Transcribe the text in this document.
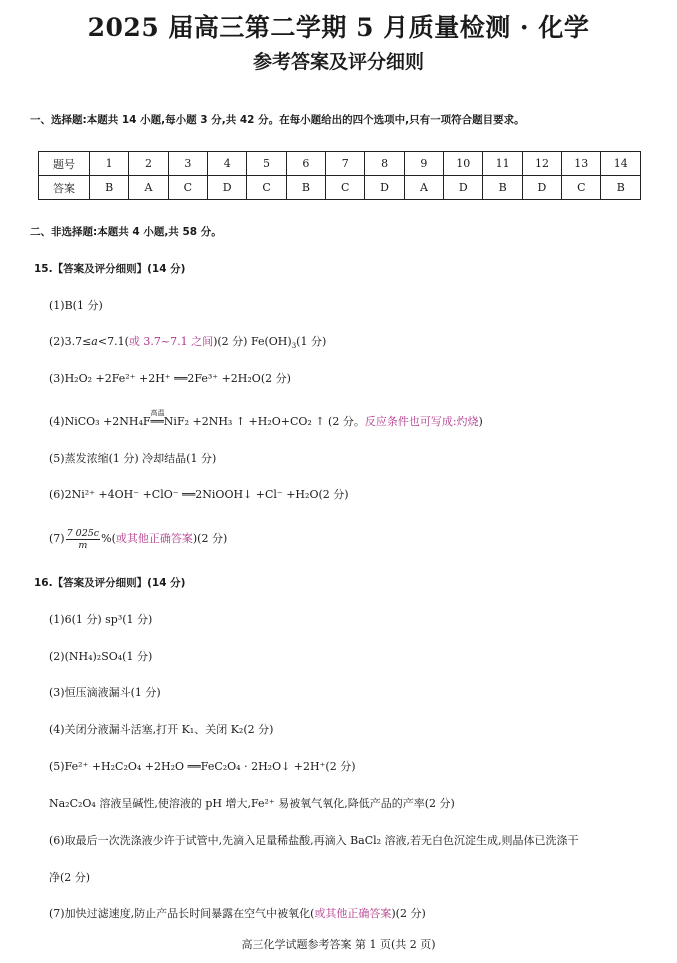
2025 届高三第二学期 5 月质量检测 · 化学
参考答案及评分细则
一、选择题:本题共 14 小题,每小题 3 分,共 42 分。在每小题给出的四个选项中,只有一项符合题目要求。
题号	1	2	3	4	5	6	7	8	9	10	11	12	13	14
答案	B	A	C	D	C	B	C	D	A	D	B	D	C	B
二、非选择题:本题共 4 小题,共 58 分。
15.【答案及评分细则】(14 分)
(1)B(1 分)
(2)3.7≤a<7.1(或 3.7~7.1 之间)(2 分) $Fe(OH)_3(1$ 分)
(3)H₂O₂ +2Fe²⁺ +2H⁺ ══2Fe³⁺ +2H₂O(2 分)
(4)NiCO₃ +2NH₄F
高温
══NiF₂ +2NH₃ ↑ +H₂O+CO₂ ↑ (2 分。反应条件也可写成:灼烧)
(5)蒸发浓缩(1 分) 冷却结晶(1 分)
(6)2Ni²⁺ +4OH⁻ +ClO⁻ ══2NiOOH↓ +Cl⁻ +H₂O(2 分)
$(7) \frac{7 025c}{m}$ %(或其他正确答案)(2 分)
16.【答案及评分细则】(14 分)
(1)6(1 分) sp³(1 分)
(2)(NH₄)₂SO₄(1 分)
(3)恒压滴液漏斗(1 分)
(4)关闭分液漏斗活塞,打开 K₁、关闭 K₂(2 分)
(5)Fe²⁺ +H₂C₂O₄ +2H₂O ══FeC₂O₄ · 2H₂O↓ +2H⁺(2 分)
Na₂C₂O₄ 溶液呈碱性,使溶液的 pH 增大,Fe²⁺ 易被氧气氧化,降低产品的产率(2 分)
(6)取最后一次洗涤液少许于试管中,先滴入足量稀盐酸,再滴入 BaCl₂ 溶液,若无白色沉淀生成,则晶体已洗涤干
净(2 分)
(7)加快过滤速度,防止产品长时间暴露在空气中被氧化(或其他正确答案)(2 分)
高三化学试题参考答案 第 1 页(共 2 页)
